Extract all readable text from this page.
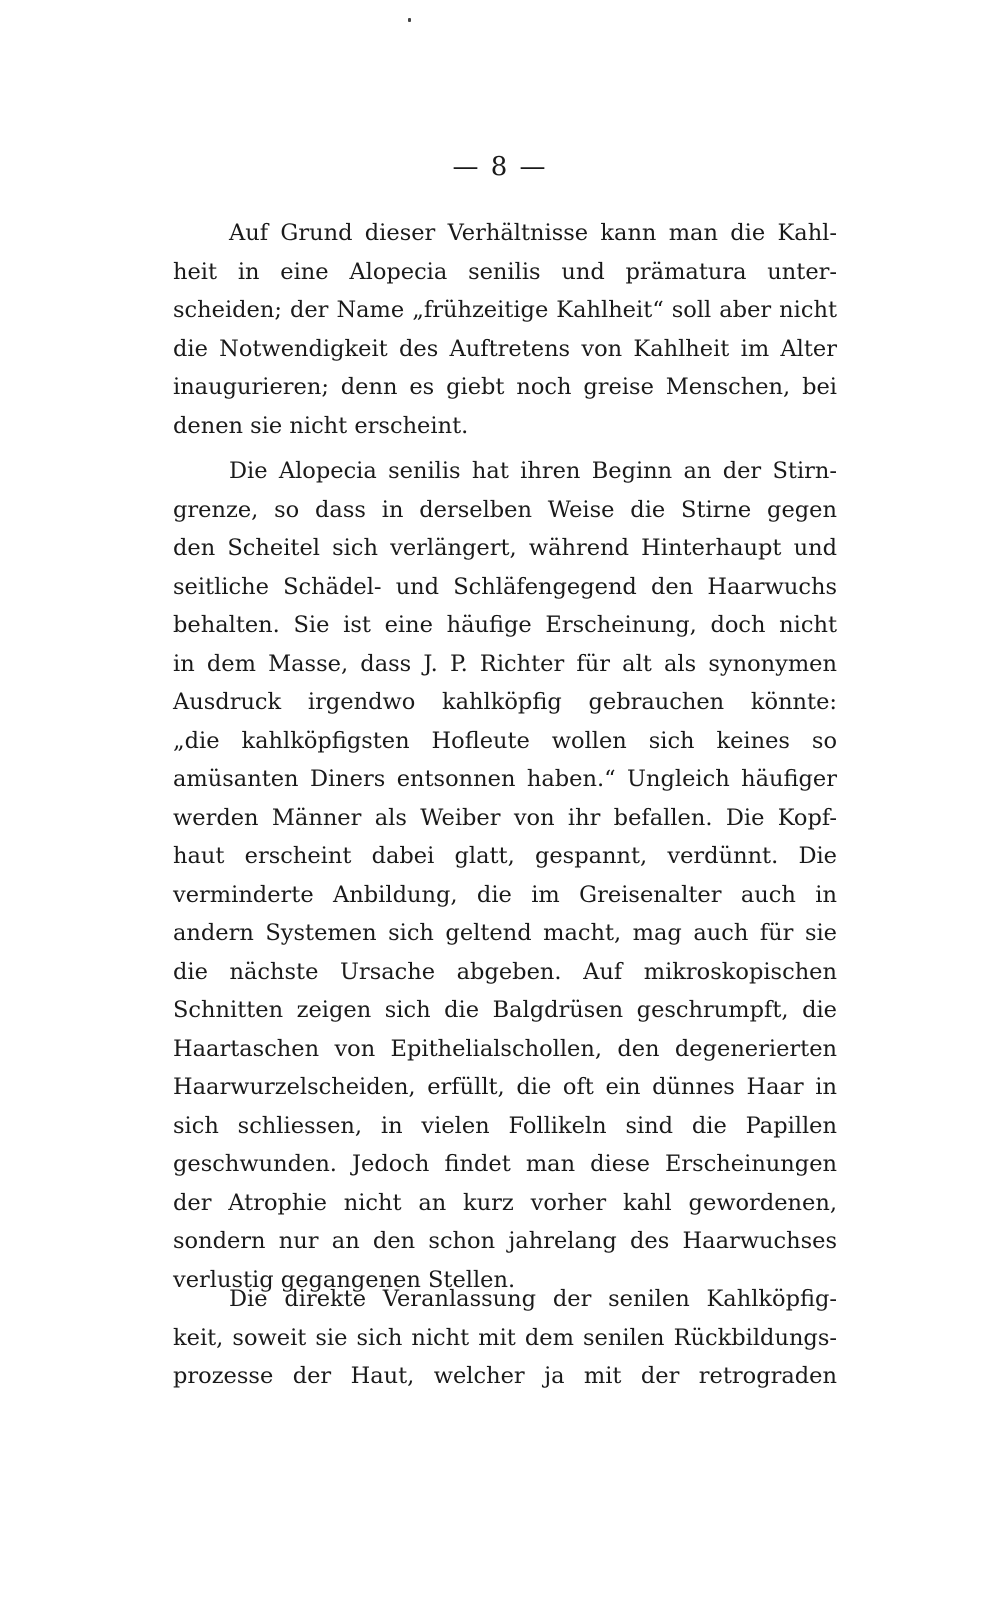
— 8 —

Auf Grund dieser Verhältnisse kann man die Kahl-
heit in eine Alopecia senilis und prämatura unter-
scheiden; der Name „frühzeitige Kahlheit“ soll aber nicht
die Notwendigkeit des Auftretens von Kahlheit im Alter
inaugurieren; denn es giebt noch greise Menschen, bei
denen sie nicht erscheint.

Die Alopecia senilis hat ihren Beginn an der Stirn-
grenze, so dass in derselben Weise die Stirne gegen
den Scheitel sich verlängert, während Hinterhaupt und
seitliche Schädel- und Schläfengegend den Haarwuchs
behalten. Sie ist eine häufige Erscheinung, doch nicht
in dem Masse, dass J. P. Richter für alt als synonymen
Ausdruck irgendwo kahlköpfig gebrauchen könnte:
„die kahlköpfigsten Hofleute wollen sich keines so
amüsanten Diners entsonnen haben.“ Ungleich häufiger
werden Männer als Weiber von ihr befallen. Die Kopf-
haut erscheint dabei glatt, gespannt, verdünnt. Die
verminderte Anbildung, die im Greisenalter auch in
andern Systemen sich geltend macht, mag auch für sie
die nächste Ursache abgeben. Auf mikroskopischen
Schnitten zeigen sich die Balgdrüsen geschrumpft, die
Haartaschen von Epithelialschollen, den degenerierten
Haarwurzelscheiden, erfüllt, die oft ein dünnes Haar in
sich schliessen, in vielen Follikeln sind die Papillen
geschwunden. Jedoch findet man diese Erscheinungen
der Atrophie nicht an kurz vorher kahl gewordenen,
sondern nur an den schon jahrelang des Haarwuchses
verlustig gegangenen Stellen.

Die direkte Veranlassung der senilen Kahlköpfig-
keit, soweit sie sich nicht mit dem senilen Rückbildungs-
prozesse der Haut, welcher ja mit der retrograden
